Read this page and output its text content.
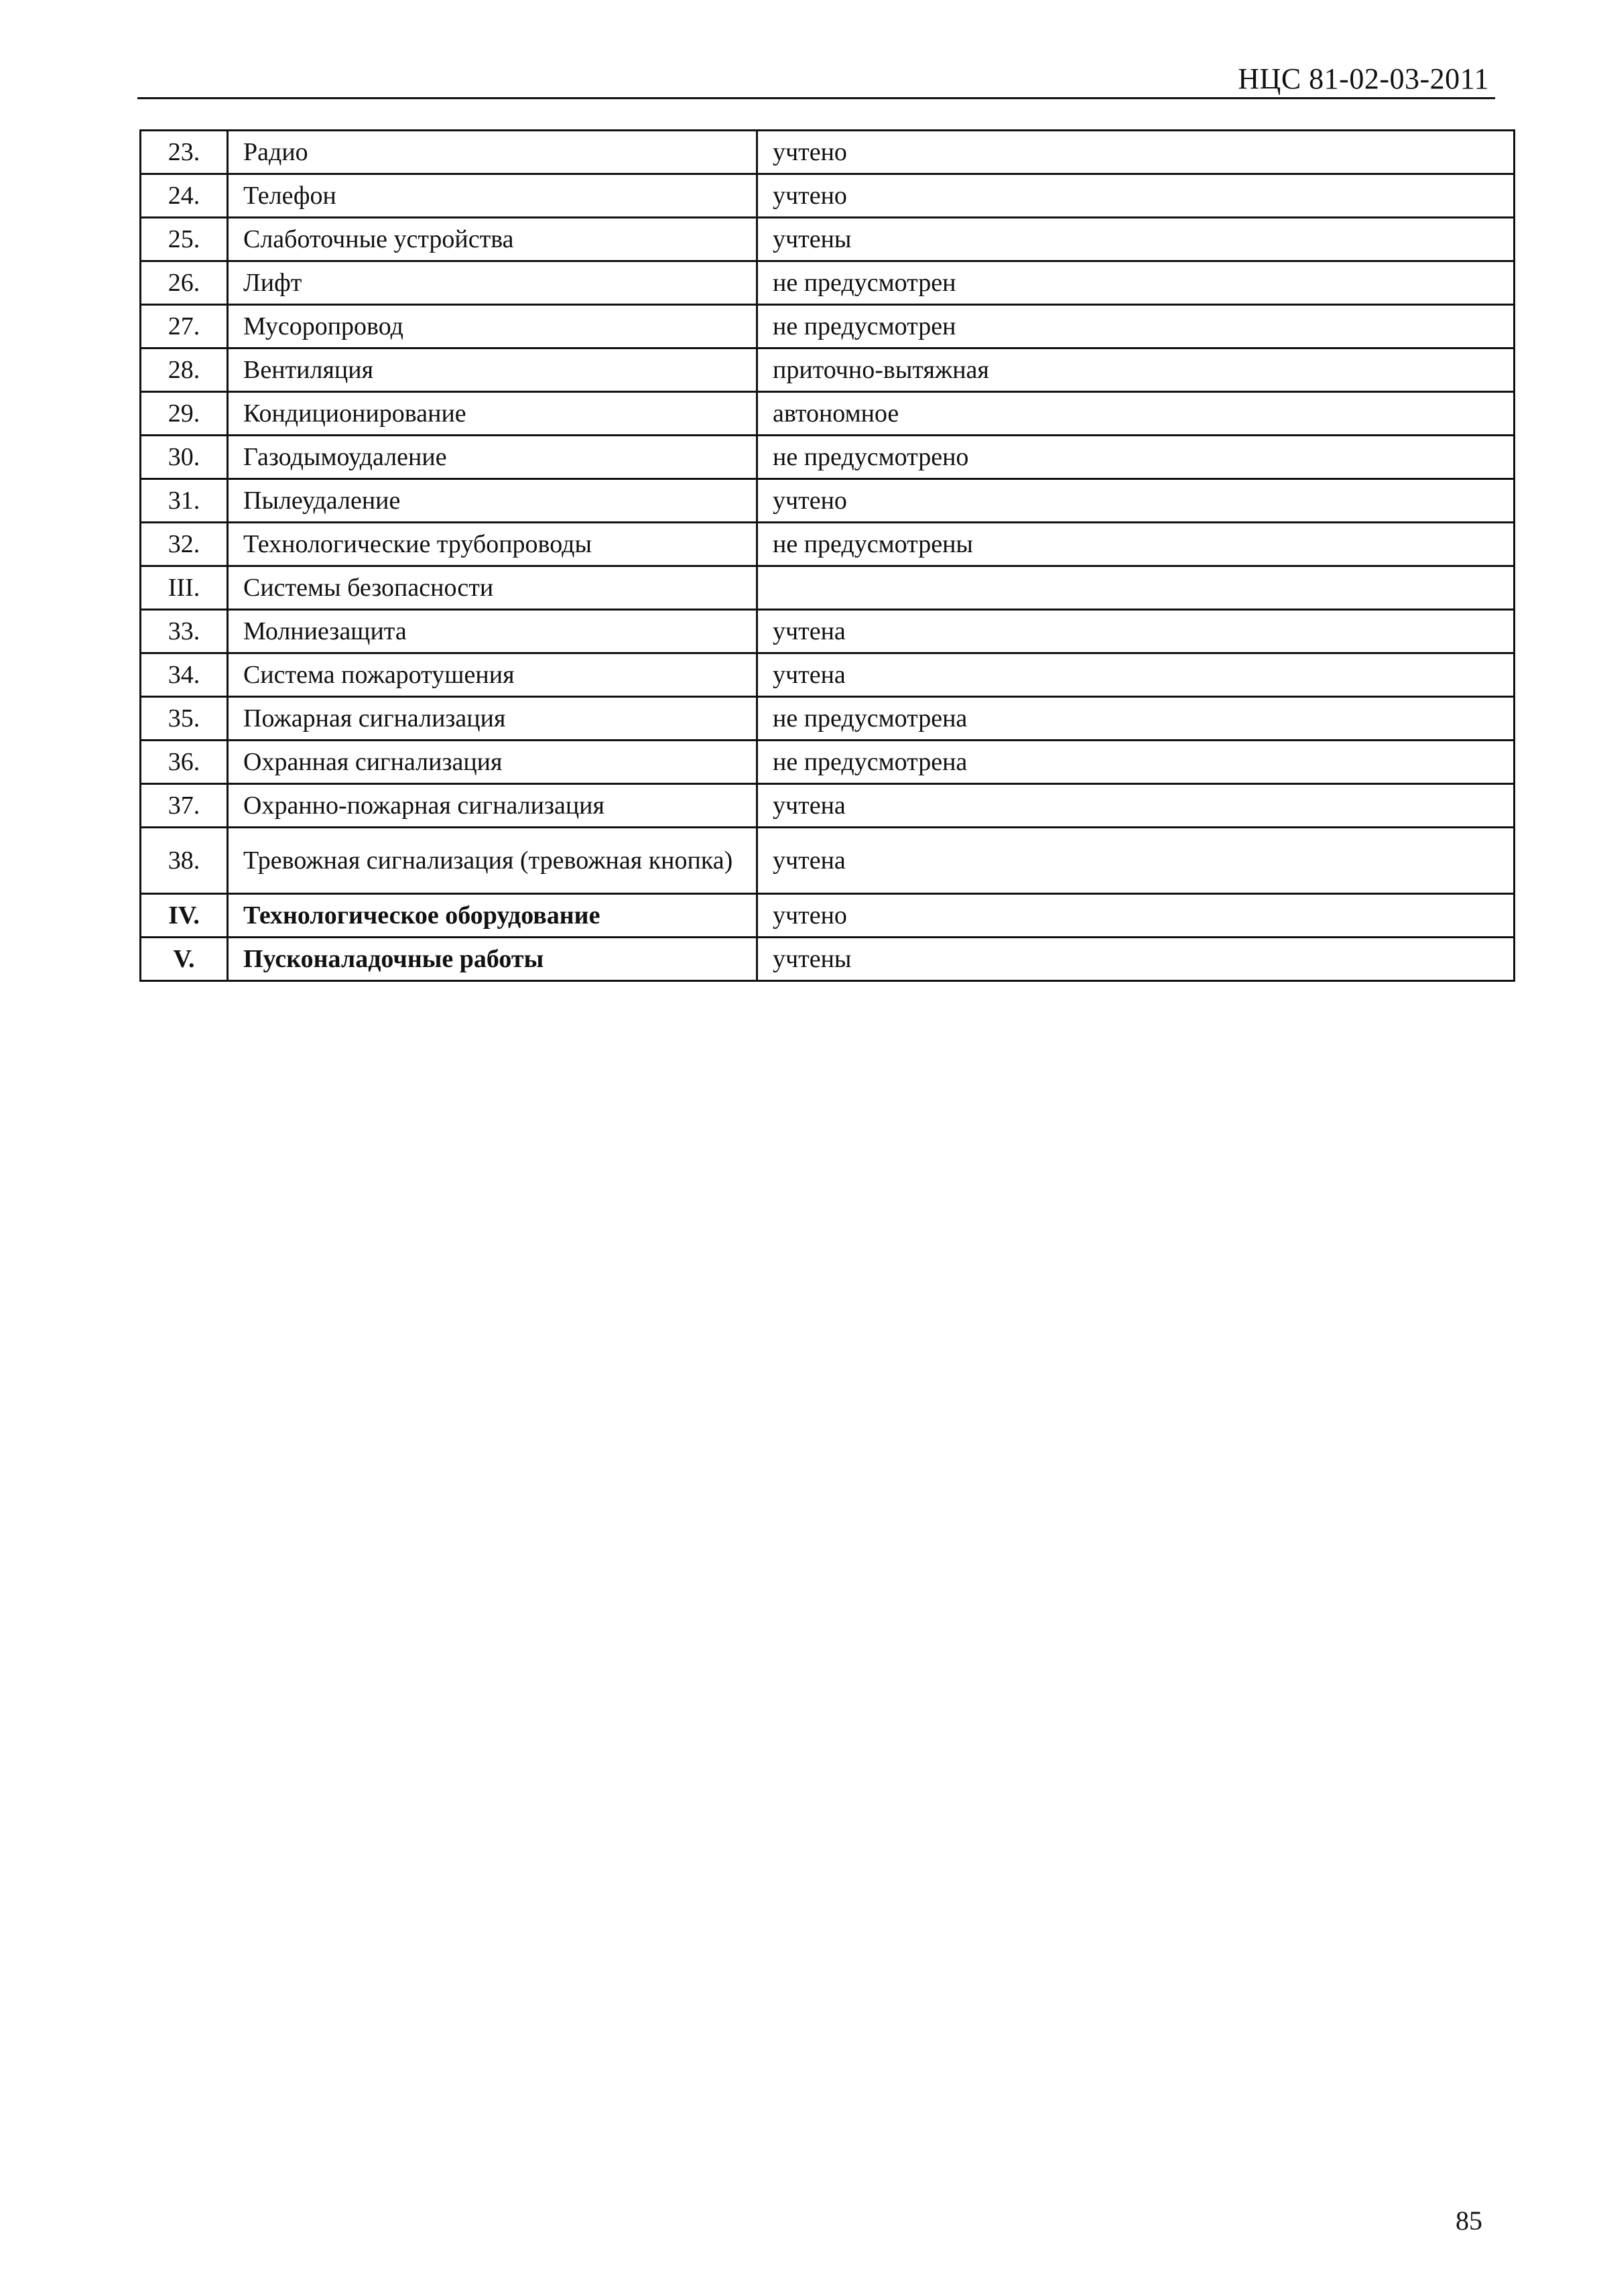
НЦС 81-02-03-2011
23.	Радио	учтено
24.	Телефон	учтено
25.	Слаботочные устройства	учтены
26.	Лифт	не предусмотрен
27.	Мусоропровод	не предусмотрен
28.	Вентиляция	приточно-вытяжная
29.	Кондиционирование	автономное
30.	Газодымоудаление	не предусмотрено
31.	Пылеудаление	учтено
32.	Технологические трубопроводы	не предусмотрены
III.	Системы безопасности	
33.	Молниезащита	учтена
34.	Система пожаротушения	учтена
35.	Пожарная сигнализация	не предусмотрена
36.	Охранная сигнализация	не предусмотрена
37.	Охранно-пожарная сигнализация	учтена
38.	Тревожная сигнализация (тревожная кнопка)	учтена
IV.	Технологическое оборудование	учтено
V.	Пусконаладочные работы	учтены
85
